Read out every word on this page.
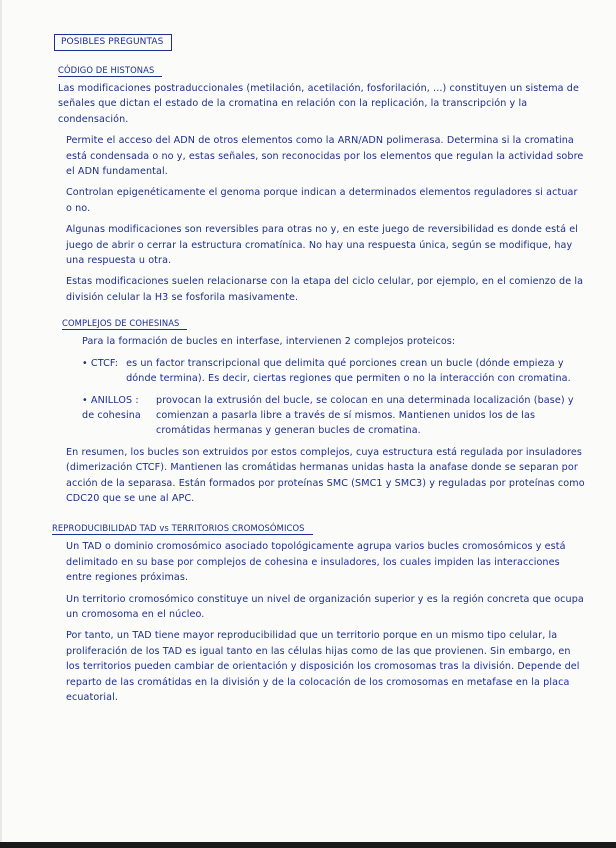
POSIBLES PREGUNTAS
CÓDIGO DE HISTONAS

Las modificaciones postraduccionales (metilación, acetilación, fosforilación, ...) constituyen un sistema de señales que dictan el estado de la cromatina en relación con la replicación, la transcripción y la condensación.

Permite el acceso del ADN de otros elementos como la ARN/ADN polimerasa. Determina si la cromatina está condensada o no y, estas señales, son reconocidas por los elementos que regulan la actividad sobre el ADN fundamental.

Controlan epigenéticamente el genoma porque indican a determinados elementos reguladores si actuar o no.

Algunas modificaciones son reversibles para otras no y, en este juego de reversibilidad es donde está el juego de abrir o cerrar la estructura cromatínica. No hay una respuesta única, según se modifique, hay una respuesta u otra.

Estas modificaciones suelen relacionarse con la etapa del ciclo celular, por ejemplo, en el comienzo de la división celular la H3 se fosforila masivamente.

COMPLEJOS DE COHESINAS

Para la formación de bucles en interfase, intervienen 2 complejos proteicos:

• CTCF: es un factor transcripcional que delimita qué porciones crean un bucle (dónde empieza y dónde termina). Es decir, ciertas regiones que permiten o no la interacción con cromatina.
• ANILLOS : de cohesina
provocan la extrusión del bucle, se colocan en una determinada localización (base) y comienzan a pasarla libre a través de sí mismos. Mantienen unidos los de las cromátidas hermanas y generan bucles de cromatina.

En resumen, los bucles son extruidos por estos complejos, cuya estructura está regulada por insuladores (dimerización CTCF). Mantienen las cromátidas hermanas unidas hasta la anafase donde se separan por acción de la separasa. Están formados por proteínas SMC (SMC1 y SMC3) y reguladas por proteínas como CDC20 que se une al APC.

REPRODUCIBILIDAD TAD vs TERRITORIOS CROMOSÓMICOS

Un TAD o dominio cromosómico asociado topológicamente agrupa varios bucles cromosómicos y está delimitado en su base por complejos de cohesina e insuladores, los cuales impiden las interacciones entre regiones próximas.

Un territorio cromosómico constituye un nivel de organización superior y es la región concreta que ocupa un cromosoma en el núcleo.

Por tanto, un TAD tiene mayor reproducibilidad que un territorio porque en un mismo tipo celular, la proliferación de los TAD es igual tanto en las células hijas como de las que provienen. Sin embargo, en los territorios pueden cambiar de orientación y disposición los cromosomas tras la división. Depende del reparto de las cromátidas en la división y de la colocación de los cromosomas en metafase en la placa ecuatorial.
